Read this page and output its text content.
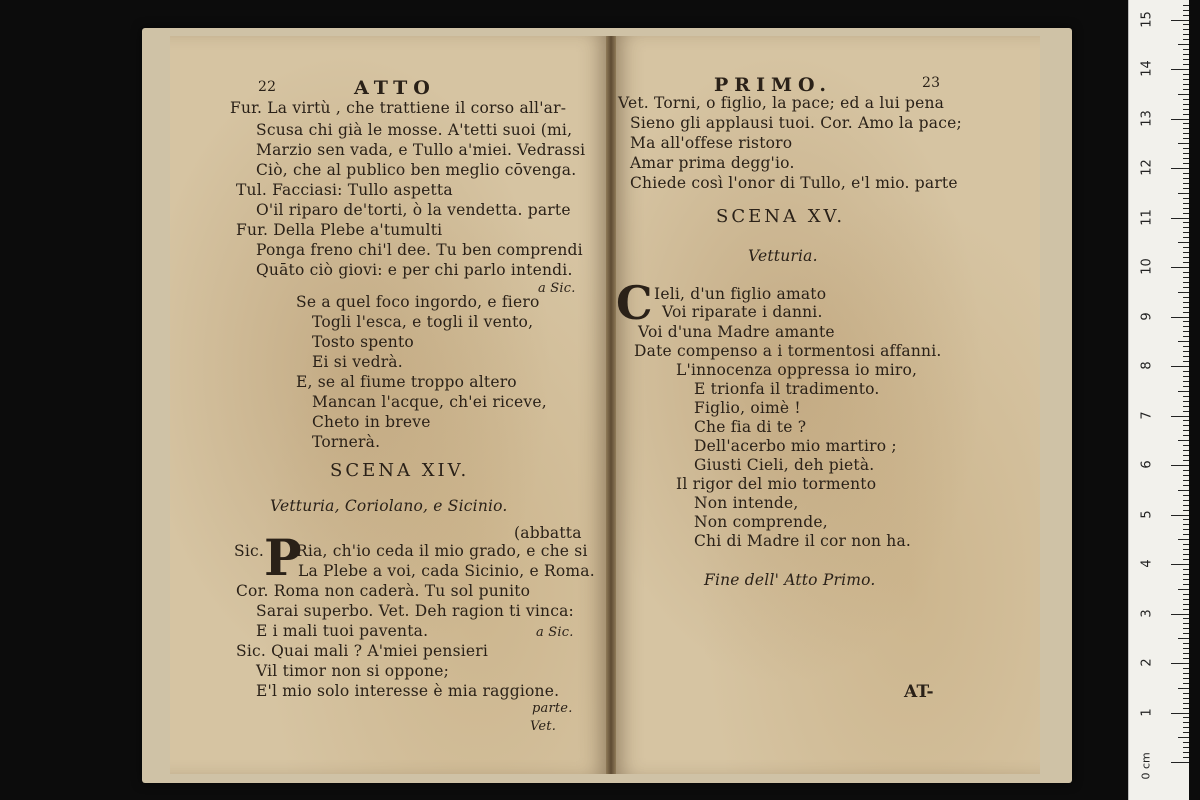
22	ATTO
Fur. La virtù , che trattiene il corso all'ar-
Scusa chi già le mosse. A'tetti suoi (mi,
Marzio sen vada, e Tullo a'miei. Vedrassi
Ciò, che al publico ben meglio cōvenga.
Tul. Facciasi: Tullo aspetta
O'il riparo de'torti, ò la vendetta. parte
Fur. Della Plebe a'tumulti
Ponga freno chi'l dee. Tu ben comprendi
Quāto ciò giovi: e per chi parlo intendi.
a Sic.
Se a quel foco ingordo, e fiero
Togli l'esca, e togli il vento,
Tosto spento
Ei si vedrà.
E, se al fiume troppo altero
Mancan l'acque, ch'ei riceve,
Cheto in breve
Tornerà.
SCENA XIV.
Vetturia, Coriolano, e Sicinio.
(abbatta
Sic. P
Ria, ch'io ceda il mio grado, e che si
La Plebe a voi, cada Sicinio, e Roma.
Cor. Roma non caderà. Tu sol punito
Sarai superbo. Vet. Deh ragion ti vinca:
E i mali tuoi paventa.	a Sic.
Sic. Quai mali ? A'miei pensieri
Vil timor non si oppone;
E'l mio solo interesse è mia raggione.
parte.
Vet.
PRIMO.	23
Vet. Torni, o figlio, la pace; ed a lui pena
Sieno gli applausi tuoi. Cor. Amo la pace;
Ma all'offese ristoro
Amar prima degg'io.
Chiede così l'onor di Tullo, e'l mio. parte
SCENA XV.
Vetturia.
C Ieli, d'un figlio amato
Voi riparate i danni.
Voi d'una Madre amante
Date compenso a i tormentosi affanni.
L'innocenza oppressa io miro,
E trionfa il tradimento.
Figlio, oimè !
Che fia di te ?
Dell'acerbo mio martiro ;
Giusti Cieli, deh pietà.
Il rigor del mio tormento
Non intende,
Non comprende,
Chi di Madre il cor non ha.
Fine dell' Atto Primo.
AT-
0 cm
1
2
3
4
5
6
7
8
9
10
11
12
13
14
15
